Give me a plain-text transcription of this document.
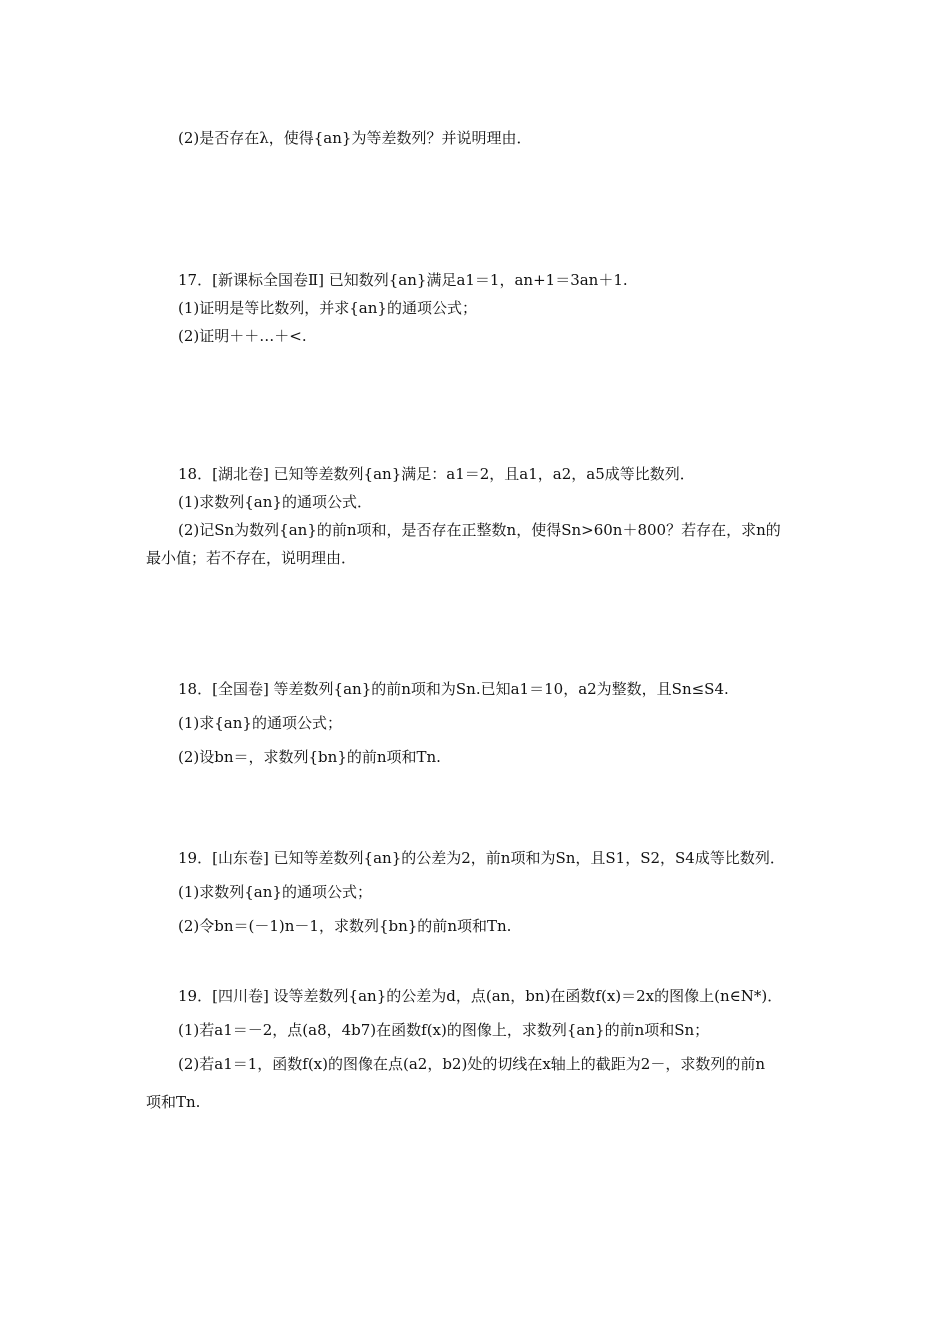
(2)是否存在λ，使得{an}为等差数列？并说明理由．
17．[新课标全国卷Ⅱ] 已知数列{an}满足a1＝1，an+1＝3an＋1.
(1)证明是等比数列，并求{an}的通项公式；
(2)证明＋＋…＋<.
18．[湖北卷] 已知等差数列{an}满足：a1＝2，且a1，a2，a5成等比数列．
(1)求数列{an}的通项公式．
(2)记Sn为数列{an}的前n项和，是否存在正整数n，使得Sn>60n＋800？若存在，求n的
最小值；若不存在，说明理由．
18．[全国卷] 等差数列{an}的前n项和为Sn.已知a1＝10，a2为整数，且Sn≤S4.
(1)求{an}的通项公式；
(2)设bn＝，求数列{bn}的前n项和Tn.
19．[山东卷] 已知等差数列{an}的公差为2，前n项和为Sn，且S1，S2，S4成等比数列．
(1)求数列{an}的通项公式；
(2)令bn＝(－1)n－1，求数列{bn}的前n项和Tn.
19．[四川卷] 设等差数列{an}的公差为d，点(an，bn)在函数f(x)＝2x的图像上(n∈N*)．
(1)若a1＝－2，点(a8，4b7)在函数f(x)的图像上，求数列{an}的前n项和Sn；
(2)若a1＝1，函数f(x)的图像在点(a2，b2)处的切线在x轴上的截距为2－，求数列的前n
项和Tn.
